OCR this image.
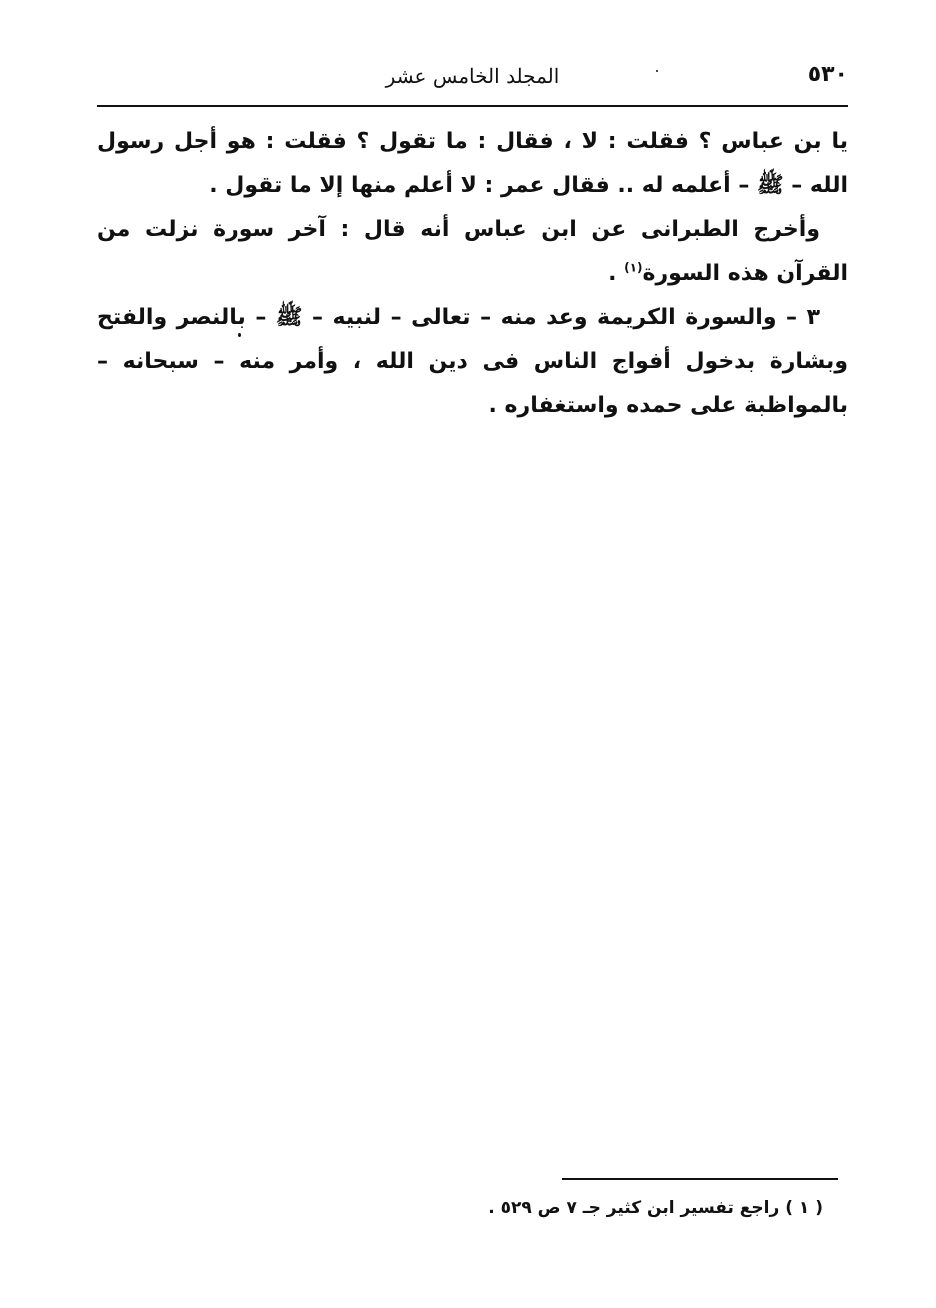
٥٣٠
المجلد الخامس عشر

يا بن عباس ؟ فقلت : لا ، فقال : ما تقول ؟ فقلت : هو أجل رسول الله – ﷺ – أعلمه له .. فقال عمر : لا أعلم منها إلا ما تقول .

وأخرج الطبرانى عن ابن عباس أنه قال : آخر سورة نزلت من القرآن هذه السورة$^{(١)}$ .

٣ – والسورة الكريمة وعد منه – تعالى – لنبيه – ﷺ – بالنصر والفتح وبشارة بدخول أفواج الناس فى دين الله ، وأمر منه – سبحانه – بالمواظبة على حمده واستغفاره .

( ١ ) راجع تفسير ابن كثير جـ ٧ ص ٥٢٩ .
